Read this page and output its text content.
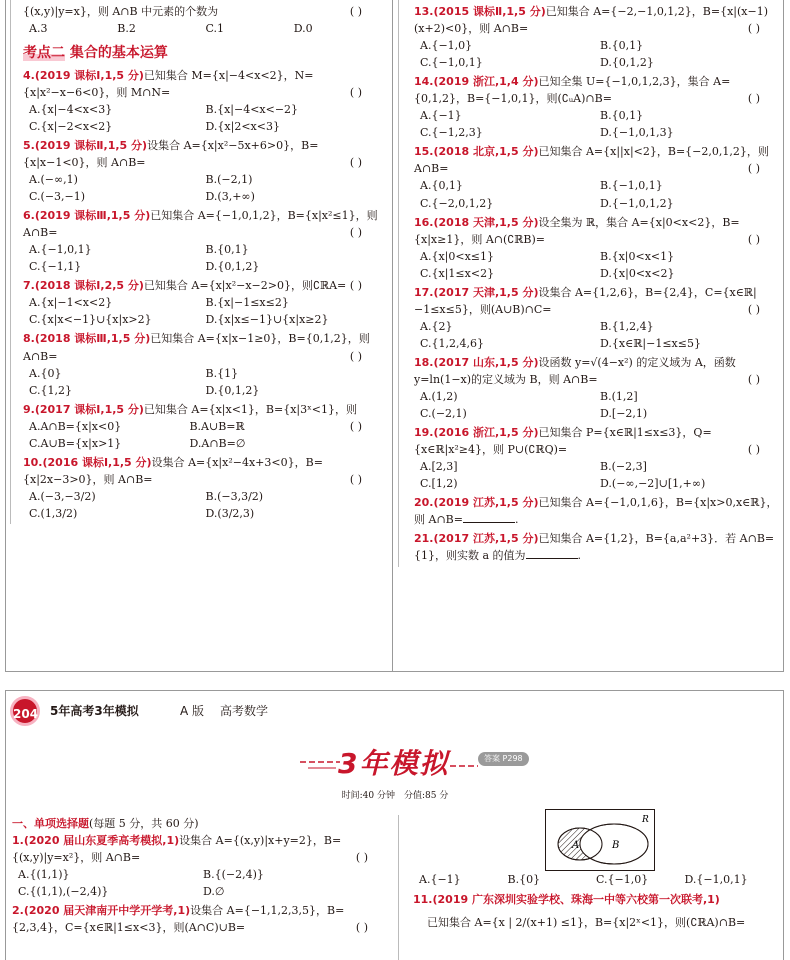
{(x,y)|y=x}，则 A∩B 中元素的个数为	( )
A.3	B.2	C.1	D.0
考点二 集合的基本运算
4.(2019 课标Ⅰ,1,5 分)已知集合 M={x|−4<x<2}，N={x|x²−x−6<0}，则 M∩N=	( )
A.{x|−4<x<3}	B.{x|−4<x<−2}
C.{x|−2<x<2}	D.{x|2<x<3}
5.(2019 课标Ⅱ,1,5 分)设集合 A={x|x²−5x+6>0}，B={x|x−1<0}，则 A∩B=	( )
A.(−∞,1)	B.(−2,1)
C.(−3,−1)	D.(3,+∞)
6.(2019 课标Ⅲ,1,5 分)已知集合 A={−1,0,1,2}，B={x|x²≤1}，则 A∩B=	( )
A.{−1,0,1}	B.{0,1}
C.{−1,1}	D.{0,1,2}
7.(2018 课标Ⅰ,2,5 分)已知集合 A={x|x²−x−2>0}，则∁ℝA= ( )
A.{x|−1<x<2}	B.{x|−1≤x≤2}
C.{x|x<−1}∪{x|x>2}	D.{x|x≤−1}∪{x|x≥2}
8.(2018 课标Ⅲ,1,5 分)已知集合 A={x|x−1≥0}，B={0,1,2}，则 A∩B=	( )
A.{0}	B.{1}
C.{1,2}	D.{0,1,2}
9.(2017 课标Ⅰ,1,5 分)已知集合 A={x|x<1}，B={x|3ˣ<1}，则
( )
A.A∩B={x|x<0}	B.A∪B=ℝ
C.A∪B={x|x>1}	D.A∩B=∅
10.(2016 课标Ⅰ,1,5 分)设集合 A={x|x²−4x+3<0}，B={x|2x−3>0}，则 A∩B=	( )
A.(−3,−3/2)	B.(−3,3/2)
C.(1,3/2)	D.(3/2,3)
13.(2015 课标Ⅱ,1,5 分)已知集合 A={−2,−1,0,1,2}，B={x|(x−1)(x+2)<0}，则 A∩B=	( )
A.{−1,0}	B.{0,1}
C.{−1,0,1}	D.{0,1,2}
14.(2019 浙江,1,4 分)已知全集 U={−1,0,1,2,3}，集合 A={0,1,2}，B={−1,0,1}，则(∁ᵤA)∩B=	( )
A.{−1}	B.{0,1}
C.{−1,2,3}	D.{−1,0,1,3}
15.(2018 北京,1,5 分)已知集合 A={x||x|<2}，B={−2,0,1,2}，则 A∩B=	( )
A.{0,1}	B.{−1,0,1}
C.{−2,0,1,2}	D.{−1,0,1,2}
16.(2018 天津,1,5 分)设全集为 ℝ，集合 A={x|0<x<2}，B={x|x≥1}，则 A∩(∁ℝB)=	( )
A.{x|0<x≤1}	B.{x|0<x<1}
C.{x|1≤x<2}	D.{x|0<x<2}
17.(2017 天津,1,5 分)设集合 A={1,2,6}，B={2,4}，C={x∈ℝ|−1≤x≤5}，则(A∪B)∩C=	( )
A.{2}	B.{1,2,4}
C.{1,2,4,6}	D.{x∈ℝ|−1≤x≤5}
18.(2017 山东,1,5 分)设函数 y=√(4−x²) 的定义域为 A，函数 y=ln(1−x)的定义域为 B，则 A∩B=	( )
A.(1,2)	B.(1,2]
C.(−2,1)	D.[−2,1)
19.(2016 浙江,1,5 分)已知集合 P={x∈ℝ|1≤x≤3}，Q={x∈ℝ|x²≥4}，则 P∪(∁ℝQ)=	( )
A.[2,3]	B.(−2,3]
C.[1,2)	D.(−∞,−2]∪[1,+∞)
20.(2019 江苏,1,5 分)已知集合 A={−1,0,1,6}，B={x|x>0,x∈ℝ}，则 A∩B=	.
21.(2017 江苏,1,5 分)已知集合 A={1,2}，B={a,a²+3}．若 A∩B={1}，则实数 a 的值为	.
204 5年高考3年模拟	A 版 高考数学
3年模拟	答案 P298
时间:40 分钟　分值:85 分
一、单项选择题(每题 5 分，共 60 分)
1.(2020 届山东夏季高考模拟,1)设集合 A={(x,y)|x+y=2}，B={(x,y)|y=x²}，则 A∩B=	( )
A.{(1,1)}	B.{(−2,4)}
C.{(1,1),(−2,4)}	D.∅
2.(2020 届天津南开中学开学考,1)设集合 A={−1,1,2,3,5}，B={2,3,4}，C={x∈ℝ|1≤x<3}，则(A∩C)∪B=	( )
R
A	B
A.{−1}	B.{0}	C.{−1,0}	D.{−1,0,1}
11.(2019 广东深圳实验学校、珠海一中等六校第一次联考,1)
已知集合 A={x | 2/(x+1) ≤1}，B={x|2ˣ<1}，则(∁ℝA)∩B=
